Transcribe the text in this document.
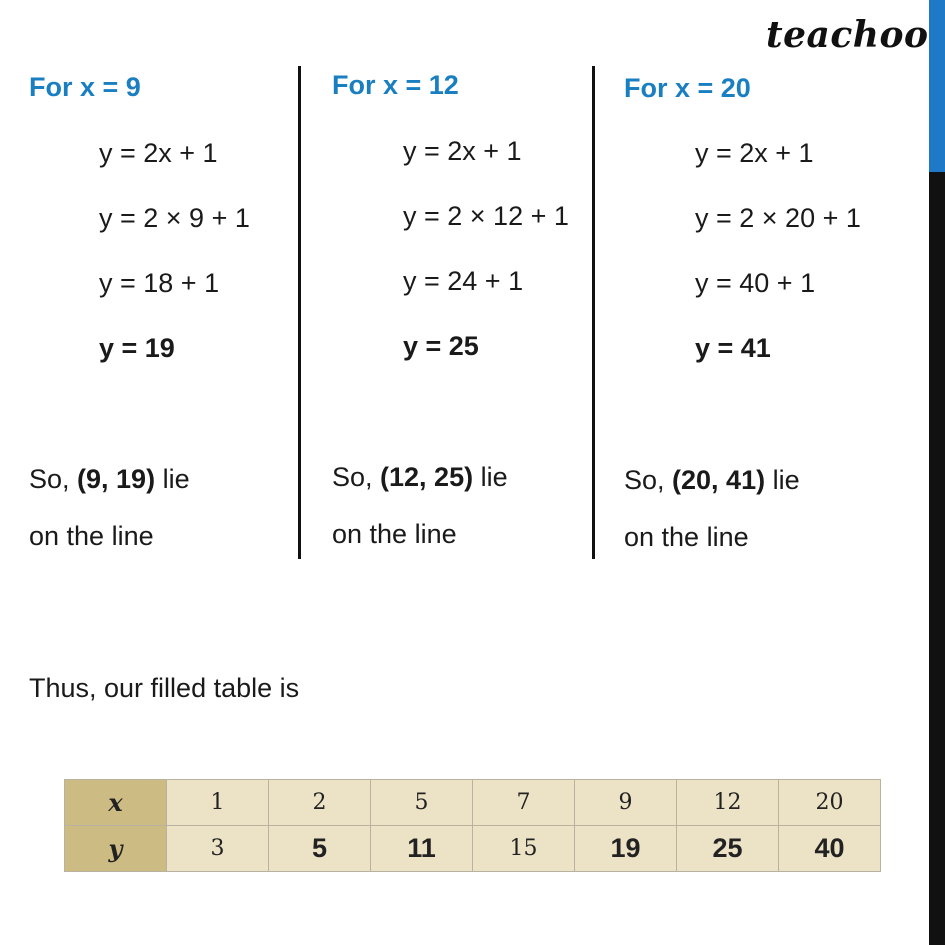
teachoo
For x = 9
y = 2x + 1
y = 2 × 9 + 1
y = 18 + 1
y = 19
So, (9, 19) lie
on the line
For x = 12
y = 2x + 1
y = 2 × 12 + 1
y = 24 + 1
y = 25
So, (12, 25) lie
on the line
For x = 20
y = 2x + 1
y = 2 × 20 + 1
y = 40 + 1
y = 41
So, (20, 41) lie
on the line
Thus, our filled table is
x	1	2	5	7	9	12	20
y	3	5	11	15	19	25	40
